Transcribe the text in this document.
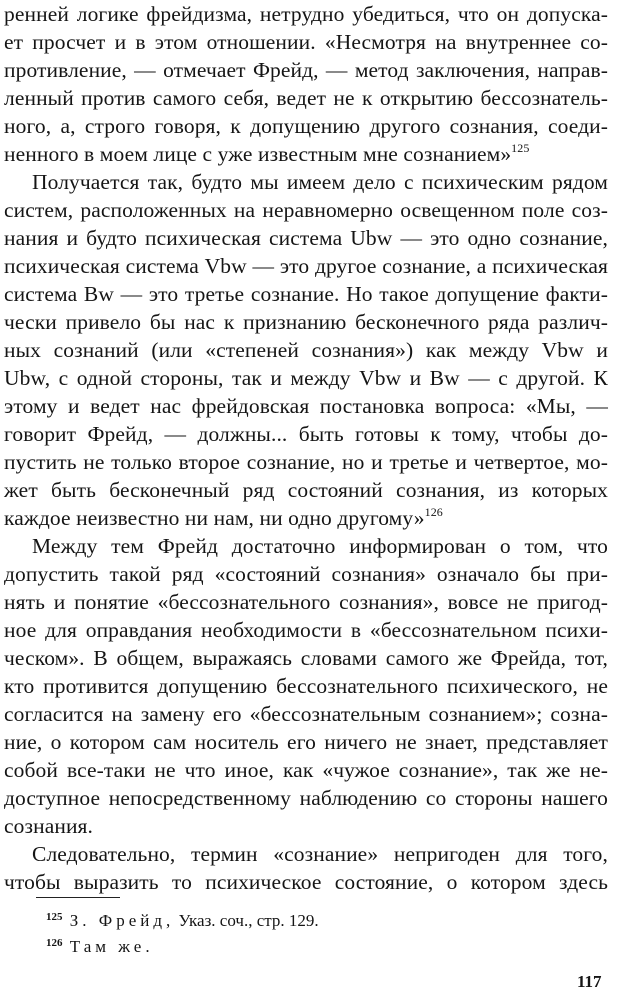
ренней логике фрейдизма, нетрудно убедиться, что он допуска-
ет просчет и в этом отношении. «Несмотря на внутреннее со-
противление, — отмечает Фрейд, — метод заключения, направ-
ленный против самого себя, ведет не к открытию бессознатель-
ного, а, строго говоря, к допущению другого сознания, соеди-
ненного в моем лице с уже известным мне сознанием»$^{125}$
Получается так, будто мы имеем дело с психическим рядом
систем, расположенных на неравномерно освещенном поле соз-
нания и будто психическая система Ubw — это одно сознание,
психическая система Vbw — это другое сознание, а психическая
система Bw — это третье сознание. Но такое допущение факти-
чески привело бы нас к признанию бесконечного ряда различ-
ных сознаний (или «степеней сознания») как между Vbw и
Ubw, с одной стороны, так и между Vbw и Bw — с другой. К
этому и ведет нас фрейдовская постановка вопроса: «Мы, —
говорит Фрейд, — должны... быть готовы к тому, чтобы до-
пустить не только второе сознание, но и третье и четвертое, мо-
жет быть бесконечный ряд состояний сознания, из которых
каждое неизвестно ни нам, ни одно другому»$^{126}$
Между тем Фрейд достаточно информирован о том, что
допустить такой ряд «состояний сознания» означало бы при-
нять и понятие «бессознательного сознания», вовсе не пригод-
ное для оправдания необходимости в «бессознательном психи-
ческом». В общем, выражаясь словами самого же Фрейда, тот,
кто противится допущению бессознательного психического, не
согласится на замену его «бессознательным сознанием»; созна-
ние, о котором сам носитель его ничего не знает, представляет
собой все-таки не что иное, как «чужое сознание», так же не-
доступное непосредственному наблюдению со стороны нашего
сознания.
Следовательно, термин «сознание» непригоден для того,
чтобы выразить то психическое состояние, о котором здесь
$^{125}$ З. Фрейд, Указ. соч., стр. 129.
$^{126}$ Там же.
117
